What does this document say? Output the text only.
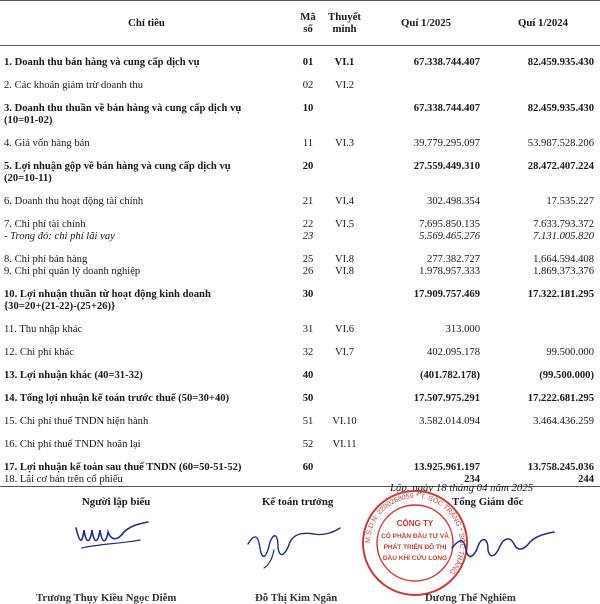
Chỉ tiêu	Mã
số	Thuyết
minh	Quí 1/2025	Quí 1/2024

1. Doanh thu bán hàng và cung cấp dịch vụ	01	VI.1	67.338.744.407	82.459.935.430

2. Các khoản giảm trừ doanh thu	02	VI.2		

3. Doanh thu thuần về bán hàng và cung cấp dịch vụ
(10=01-02)	10		67.338.744.407	82.459.935.430

4. Giá vốn hàng bán	11	VI.3	39.779.295.097	53.987.528.206

5. Lợi nhuận gộp về bán hàng và cung cấp dịch vụ
(20=10-11)	20		27.559.449.310	28.472.407.224

6. Doanh thu hoạt động tài chính	21	VI.4	302.498.354	17.535.227

7. Chi phí tài chính	22	VI.5	7.695.850.135	7.633.793.372
- Trong đó: chi phí lãi vay	23		5.569.465.276	7.131.005.820

8. Chi phí bán hàng	25	VI.8	277.382.727	1.664.594.408
9. Chi phí quản lý doanh nghiệp	26	VI.8	1.978.957.333	1.869.373.376

10. Lợi nhuận thuần từ hoạt động kinh doanh
{30=20+(21-22)-(25+26)}	30		17.909.757.469	17.322.181.295

11. Thu nhập khác	31	VI.6	313.000	

12. Chi phí khác	32	VI.7	402.095.178	99.500.000

13. Lợi nhuận khác (40=31-32)	40		(401.782.178)	(99.500.000)

14. Tổng lợi nhuận kế toán trước thuế (50=30+40)	50		17.507.975.291	17.222.681.295

15. Chi phí thuế TNDN hiện hành	51	VI.10	3.582.014.094	3.464.436.259

16. Chi phí thuế TNDN hoãn lại	52	VI.11		

17. Lợi nhuận kế toán sau thuế TNDN (60=50-51-52)	60		13.925.961.197	13.758.245.036
18. Lãi cơ bản trên cổ phiếu			234	244
Lập, ngày 18 tháng 04 năm 2025
Người lập biểu	Kế toán trưởng	Tổng Giám đốc
M.S.D.N: 2200268059 * T. SÓC TRĂNG * SÓC TRĂNG
CÔNG TY
CỔ PHẦN ĐẦU TƯ VÀ
PHÁT TRIỂN ĐÔ THỊ
DẦU KHÍ CỬU LONG
Trương Thụy Kiều Ngọc Diễm	Đỗ Thị Kim Ngân	Dương Thế Nghiêm
